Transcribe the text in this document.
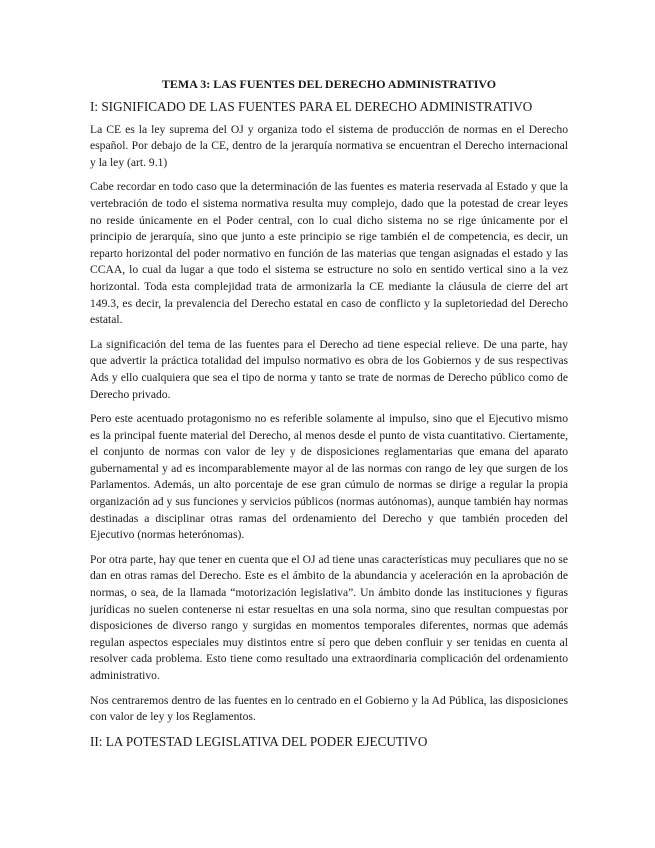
TEMA 3: LAS FUENTES DEL DERECHO ADMINISTRATIVO
I: SIGNIFICADO DE LAS FUENTES PARA EL DERECHO ADMINISTRATIVO

La CE es la ley suprema del OJ y organiza todo el sistema de producción de normas en el Derecho español. Por debajo de la CE, dentro de la jerarquía normativa se encuentran el Derecho internacional y la ley (art. 9.1)

Cabe recordar en todo caso que la determinación de las fuentes es materia reservada al Estado y que la vertebración de todo el sistema normativa resulta muy complejo, dado que la potestad de crear leyes no reside únicamente en el Poder central, con lo cual dicho sistema no se rige únicamente por el principio de jerarquía, sino que junto a este principio se rige también el de competencia, es decir, un reparto horizontal del poder normativo en función de las materias que tengan asignadas el estado y las CCAA, lo cual da lugar a que todo el sistema se estructure no solo en sentido vertical sino a la vez horizontal. Toda esta complejidad trata de armonizarla la CE mediante la cláusula de cierre del art 149.3, es decir, la prevalencia del Derecho estatal en caso de conflicto y la supletoriedad del Derecho estatal.

La significación del tema de las fuentes para el Derecho ad tiene especial relieve. De una parte, hay que advertir la práctica totalidad del impulso normativo es obra de los Gobiernos y de sus respectivas Ads y ello cualquiera que sea el tipo de norma y tanto se trate de normas de Derecho público como de Derecho privado.

Pero este acentuado protagonismo no es referible solamente al impulso, sino que el Ejecutivo mismo es la principal fuente material del Derecho, al menos desde el punto de vista cuantitativo. Ciertamente, el conjunto de normas con valor de ley y de disposiciones reglamentarias que emana del aparato gubernamental y ad es incomparablemente mayor al de las normas con rango de ley que surgen de los Parlamentos. Además, un alto porcentaje de ese gran cúmulo de normas se dirige a regular la propia organización ad y sus funciones y servicios públicos (normas autónomas), aunque también hay normas destinadas a disciplinar otras ramas del ordenamiento del Derecho y que también proceden del Ejecutivo (normas heterónomas).

Por otra parte, hay que tener en cuenta que el OJ ad tiene unas características muy peculiares que no se dan en otras ramas del Derecho. Este es el ámbito de la abundancia y aceleración en la aprobación de normas, o sea, de la llamada “motorización legislativa”. Un ámbito donde las instituciones y figuras jurídicas no suelen contenerse ni estar resueltas en una sola norma, sino que resultan compuestas por disposiciones de diverso rango y surgidas en momentos temporales diferentes, normas que además regulan aspectos especiales muy distintos entre sí pero que deben confluir y ser tenidas en cuenta al resolver cada problema. Esto tiene como resultado una extraordinaria complicación del ordenamiento administrativo.

Nos centraremos dentro de las fuentes en lo centrado en el Gobierno y la Ad Pública, las disposiciones con valor de ley y los Reglamentos.

II: LA POTESTAD LEGISLATIVA DEL PODER EJECUTIVO
